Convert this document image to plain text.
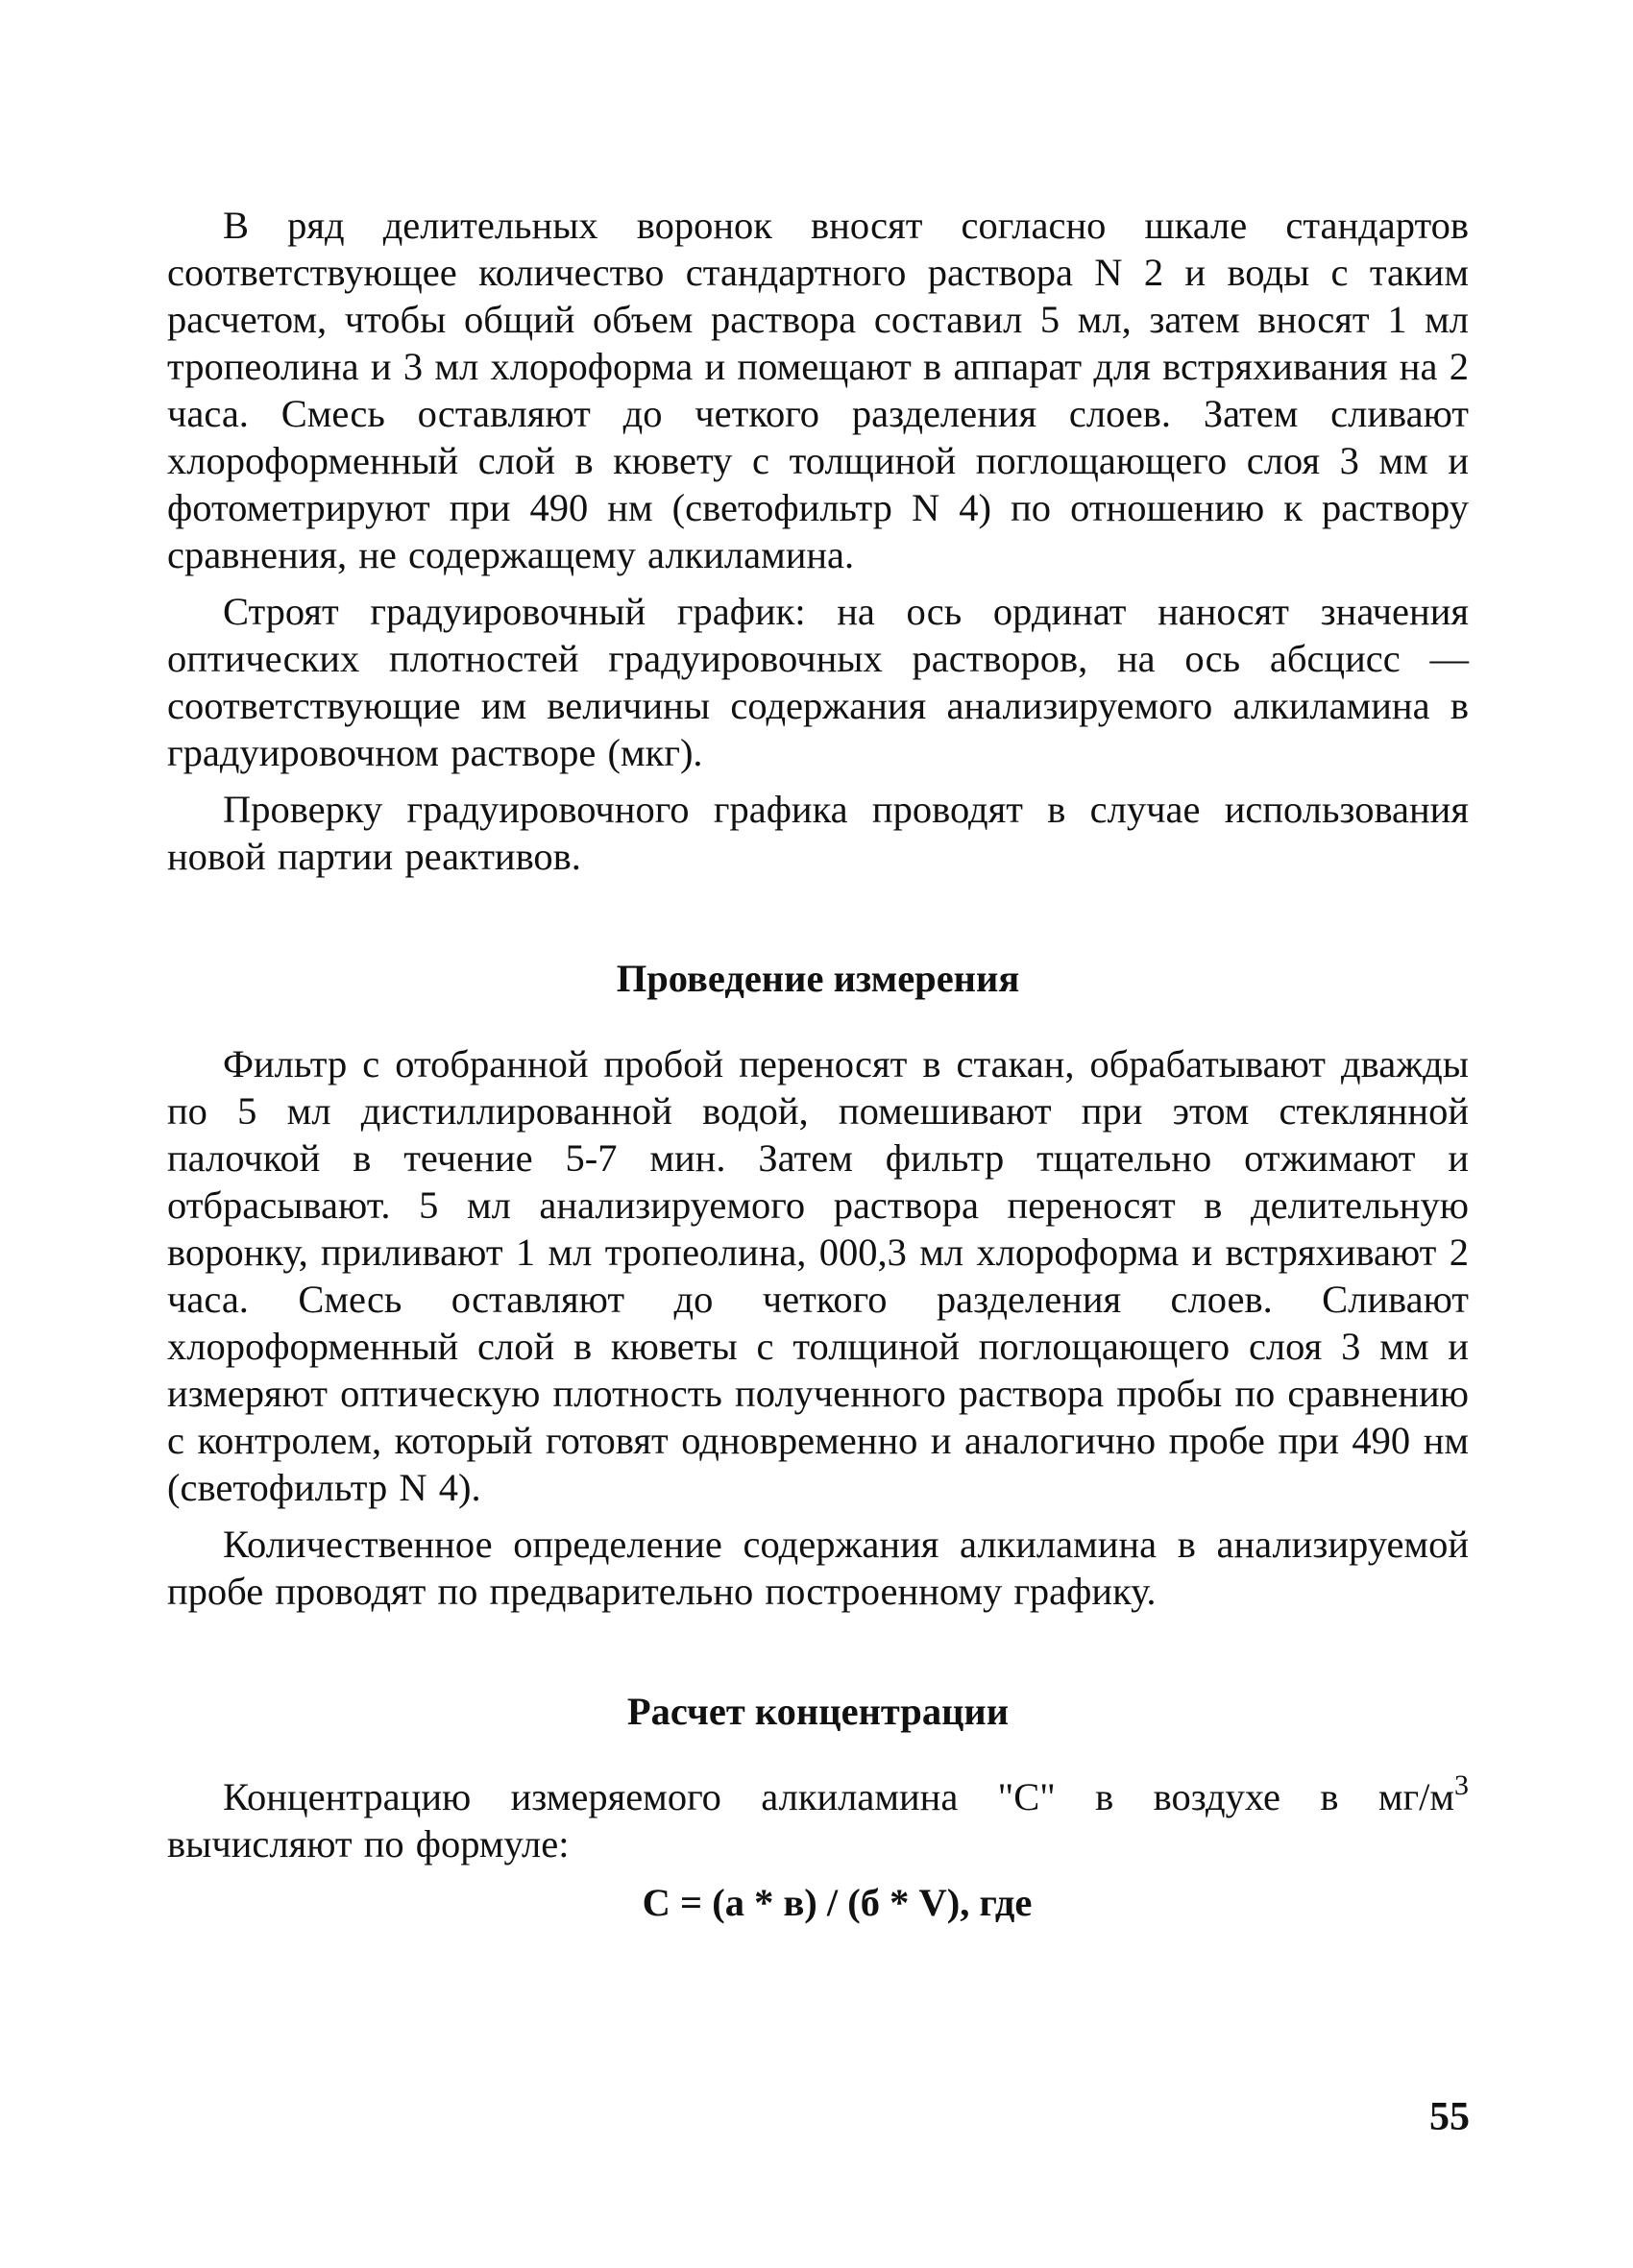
В ряд делительных воронок вносят согласно шкале стандартов соответствующее количество стандартного раствора N 2 и воды с таким расчетом, чтобы общий объем раствора составил 5 мл, затем вносят 1 мл тропеолина и 3 мл хлороформа и помещают в аппарат для встряхивания на 2 часа. Смесь оставляют до четкого разделения слоев. Затем сливают хлороформенный слой в кювету с толщиной поглощающего слоя 3 мм и фотометрируют при 490 нм (светофильтр N 4) по отношению к раствору сравнения, не содержащему алкиламина.

Строят градуировочный график: на ось ординат наносят значения оптических плотностей градуировочных растворов, на ось абсцисс — соответствующие им величины содержания анализируемого алкиламина в градуировочном растворе (мкг).

Проверку градуировочного графика проводят в случае использования новой партии реактивов.

Проведение измерения

Фильтр с отобранной пробой переносят в стакан, обрабатывают дважды по 5 мл дистиллированной водой, помешивают при этом стеклянной палочкой в течение 5-7 мин. Затем фильтр тщательно отжимают и отбрасывают. 5 мл анализируемого раствора переносят в делительную воронку, приливают 1 мл тропеолина, 000,3 мл хлороформа и встряхивают 2 часа. Смесь оставляют до четкого разделения слоев. Сливают хлороформенный слой в кюветы с толщиной поглощающего слоя 3 мм и измеряют оптическую плотность полученного раствора пробы по сравнению с контролем, который готовят одновременно и аналогично пробе при 490 нм (светофильтр N 4).

Количественное определение содержания алкиламина в анализируемой пробе проводят по предварительно построенному графику.

Расчет концентрации

Концентрацию измеряемого алкиламина "C" в воздухе в $мг/м^3$ вычисляют по формуле:

C = (а * в) / (б * V), где

55
